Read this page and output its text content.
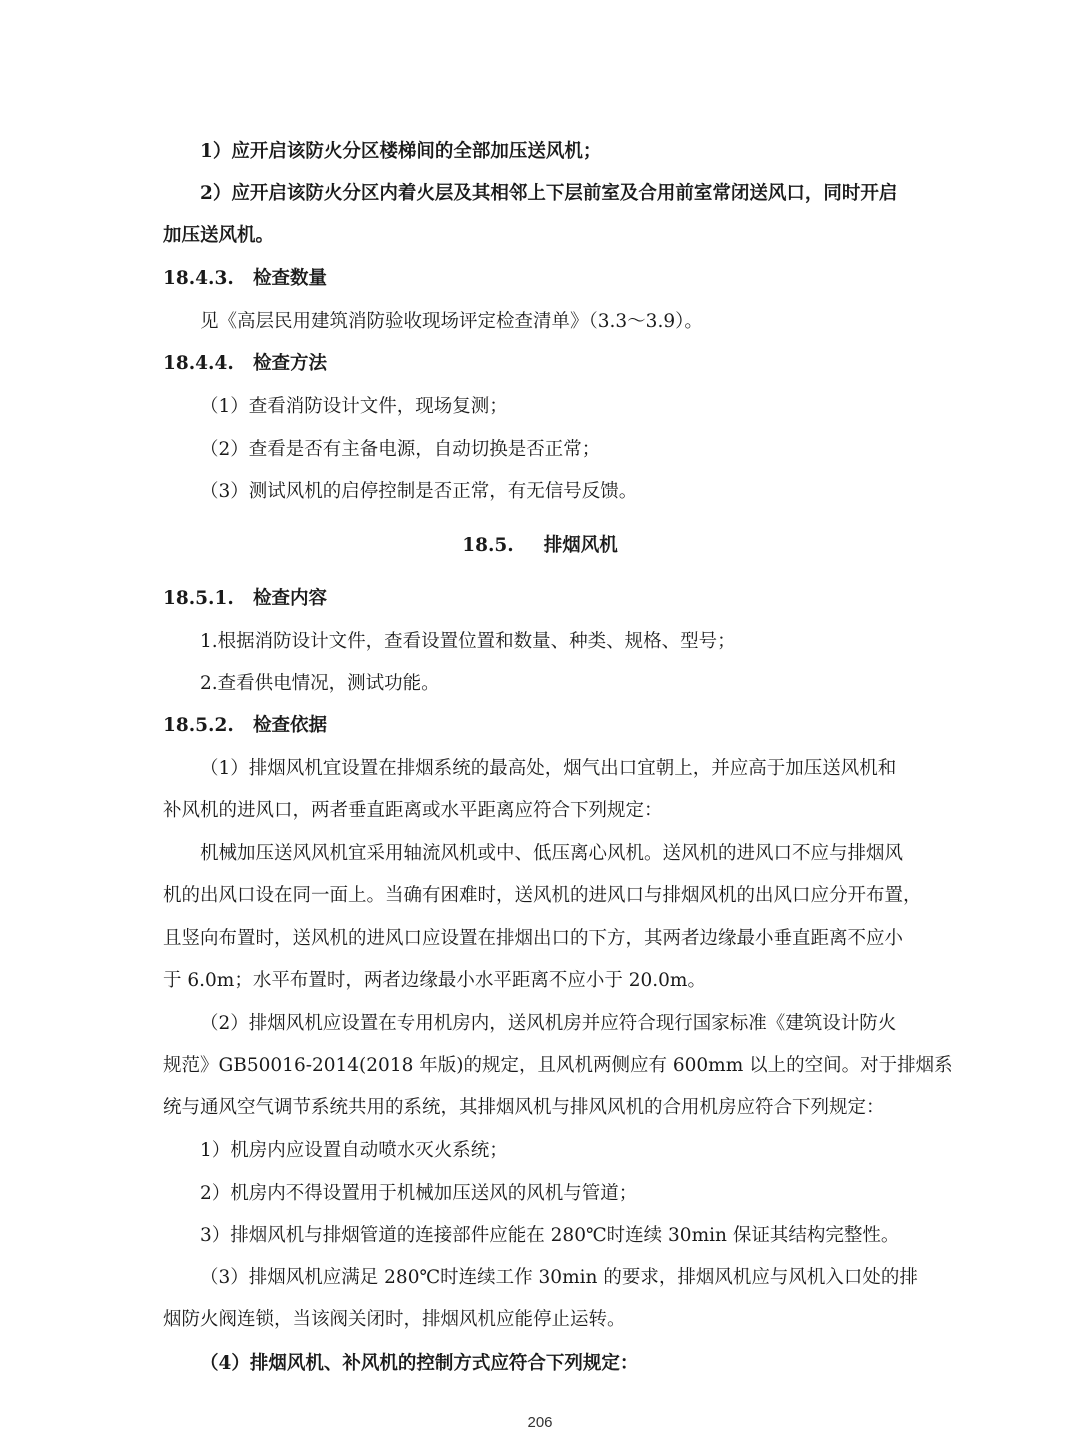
1）应开启该防火分区楼梯间的全部加压送风机；

2）应开启该防火分区内着火层及其相邻上下层前室及合用前室常闭送风口，同时开启

加压送风机。

18.4.3. 检查数量

见《高层民用建筑消防验收现场评定检查清单》（3.3～3.9）。

18.4.4. 检查方法

（1）查看消防设计文件，现场复测；

（2）查看是否有主备电源，自动切换是否正常；

（3）测试风机的启停控制是否正常，有无信号反馈。

18.5. 排烟风机

18.5.1. 检查内容

1.根据消防设计文件，查看设置位置和数量、种类、规格、型号；

2.查看供电情况，测试功能。

18.5.2. 检查依据

（1）排烟风机宜设置在排烟系统的最高处，烟气出口宜朝上，并应高于加压送风机和

补风机的进风口，两者垂直距离或水平距离应符合下列规定：

机械加压送风风机宜采用轴流风机或中、低压离心风机。送风机的进风口不应与排烟风

机的出风口设在同一面上。当确有困难时，送风机的进风口与排烟风机的出风口应分开布置，

且竖向布置时，送风机的进风口应设置在排烟出口的下方，其两者边缘最小垂直距离不应小

于 6.0m；水平布置时，两者边缘最小水平距离不应小于 20.0m。

（2）排烟风机应设置在专用机房内，送风机房并应符合现行国家标准《建筑设计防火

规范》GB50016-2014(2018 年版)的规定，且风机两侧应有 600mm 以上的空间。对于排烟系

统与通风空气调节系统共用的系统，其排烟风机与排风风机的合用机房应符合下列规定：

1）机房内应设置自动喷水灭火系统；

2）机房内不得设置用于机械加压送风的风机与管道；

3）排烟风机与排烟管道的连接部件应能在 280℃时连续 30min 保证其结构完整性。

（3）排烟风机应满足 280℃时连续工作 30min 的要求，排烟风机应与风机入口处的排

烟防火阀连锁，当该阀关闭时，排烟风机应能停止运转。

（4）排烟风机、补风机的控制方式应符合下列规定：

206
